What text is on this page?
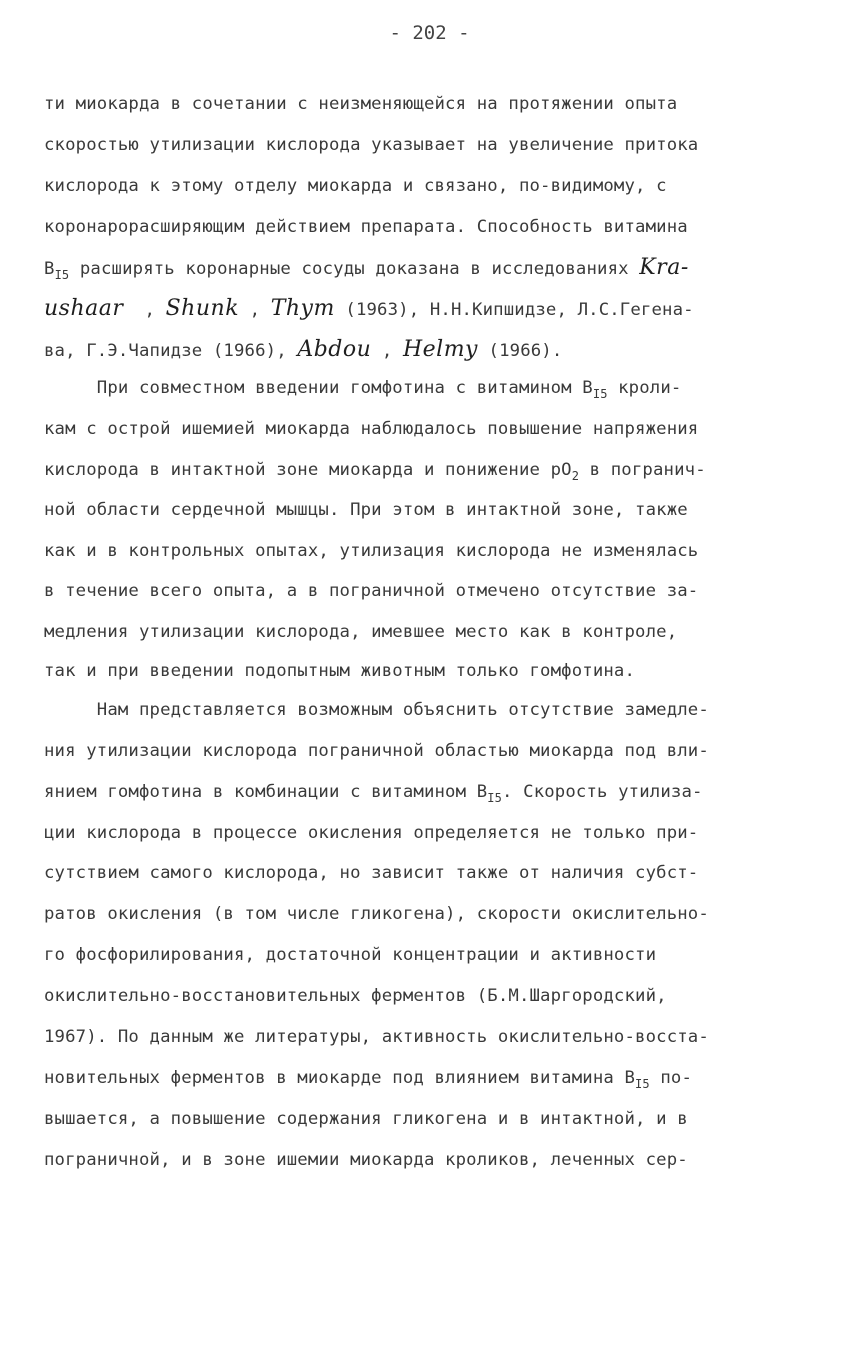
- 202 -
ти миокарда в сочетании с неизменяющейся на протяжении опыта
скоростью утилизации кислорода указывает на увеличение притока
кислорода к этому отделу миокарда и связано, по-видимому, с
коронарорасширяющим действием препарата. Способность витамина
$В_{I5}$ расширять коронарные сосуды доказана в исследованиях Kra-
ushaar  , Shunk , Thym (1963), Н.Н.Кипшидзе, Л.С.Гегена-
ва, Г.Э.Чапидзе (1966), Abdou , Helmy (1966).
При совместном введении гомфотина с витамином $В_{I5}$ кроли-
кам с острой ишемией миокарда наблюдалось повышение напряжения
кислорода в интактной зоне миокарда и понижение $рО_2$ в погранич-
ной области сердечной мышцы. При этом в интактной зоне, также
как и в контрольных опытах, утилизация кислорода не изменялась
в течение всего опыта, а в пограничной отмечено отсутствие за-
медления утилизации кислорода, имевшее место как в контроле,
так и при введении подопытным животным только гомфотина.
Нам представляется возможным объяснить отсутствие замедле-
ния утилизации кислорода пограничной областью миокарда под вли-
янием гомфотина в комбинации с витамином $В_{I5}$. Скорость утилиза-
ции кислорода в процессе окисления определяется не только при-
сутствием самого кислорода, но зависит также от наличия субст-
ратов окисления (в том числе гликогена), скорости окислительно-
го фосфорилирования, достаточной концентрации и активности
окислительно-восстановительных ферментов (Б.М.Шаргородский,
1967). По данным же литературы, активность окислительно-восста-
новительных ферментов в миокарде под влиянием витамина $В_{I5}$ по-
вышается, а повышение содержания гликогена и в интактной, и в
пограничной, и в зоне ишемии миокарда кроликов, леченных сер-
